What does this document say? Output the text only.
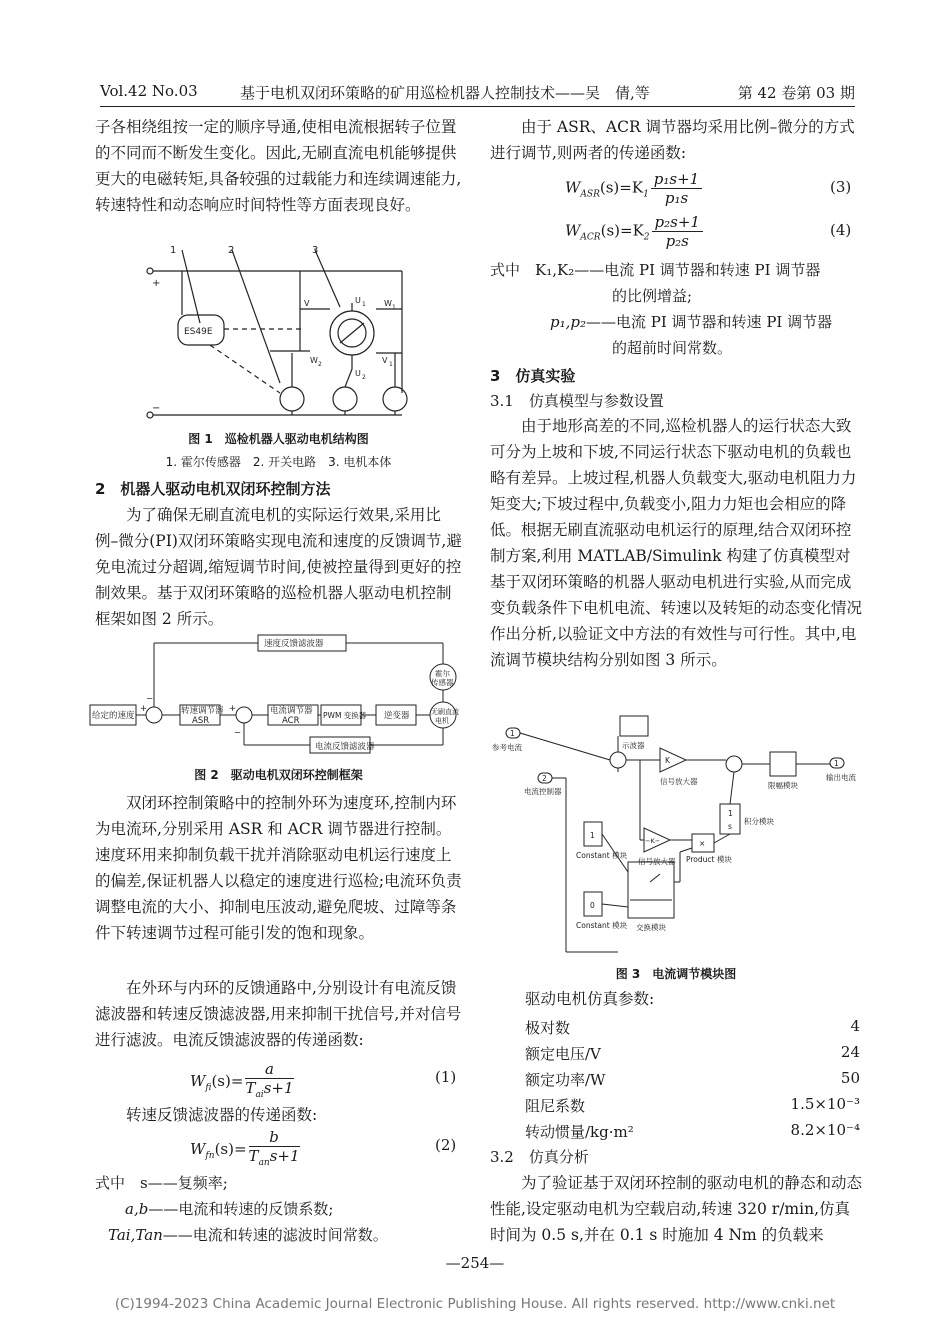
Vol.42 No.03	基于电机双闭环策略的矿用巡检机器人控制技术——吴　倩,等	第 42 卷第 03 期

子各相绕组按一定的顺序导通,使相电流根据转子位置的不同而不断发生变化。因此,无刷直流电机能够提供更大的电磁转矩,具备较强的过载能力和连续调速能力,转速特性和动态响应时间特性等方面表现良好。

1	2	3
ES49E
+
−
V	U 1 W 1
W 2
U 2
V 1
图 1　巡检机器人驱动电机结构图
1. 霍尔传感器　2. 开关电路　3. 电机本体
2　机器人驱动电机双闭环控制方法

为了确保无刷直流电机的实际运行效果,采用比例–微分(PI)双闭环策略实现电流和速度的反馈调节,避免电流过分超调,缩短调节时间,使被控量得到更好的控制效果。基于双闭环策略的巡检机器人驱动电机控制框架如图 2 所示。

速度反馈滤波器
给定的速度	转速调节器
ASR
电流调节器
ACR
PWM 变换器 逆变器	无刷直流
电机
霍尔
传感器
电流反馈滤波器
+
−
+
−
图 2　驱动电机双闭环控制框架

双闭环控制策略中的控制外环为速度环,控制内环为电流环,分别采用 ASR 和 ACR 调节器进行控制。速度环用来抑制负载干扰并消除驱动电机运行速度上的偏差,保证机器人以稳定的速度进行巡检;电流环负责调整电流的大小、抑制电压波动,避免爬坡、过障等条件下转速调节过程可能引发的饱和现象。

在外环与内环的反馈通路中,分别设计有电流反馈滤波器和转速反馈滤波器,用来抑制干扰信号,并对信号进行滤波。电流反馈滤波器的传递函数:

$W_{fi}(s)= \frac{a}{T_{ai}s+1}$	(1)
转速反馈滤波器的传递函数:
$W_{fn}(s)= \frac{b}{T_{an}s+1}$	(2)
式中　s——复频率;
a,b——电流和转速的反馈系数;
Tai,Tan——电流和转速的滤波时间常数。

由于 ASR、ACR 调节器均采用比例–微分的方式进行调节,则两者的传递函数:

$W_{ASR}(s)=K_1 \frac{\text{p₁s+1}}{\text{p₁s}}$	(3)
$W_{ACR}(s)=K_2 \frac{\text{p₂s+1}}{\text{p₂s}}$	(4)
式中　K₁,K₂——电流 PI 调节器和转速 PI 调节器
的比例增益;
p₁,p₂——电流 PI 调节器和转速 PI 调节器
的超前时间常数。
3　仿真实验
3.1　仿真模型与参数设置

由于地形高差的不同,巡检机器人的运行状态大致可分为上坡和下坡,不同运行状态下驱动电机的负载也略有差异。上坡过程,机器人负载变大,驱动电机阻力力矩变大;下坡过程中,负载变小,阻力力矩也会相应的降低。根据无刷直流驱动电机运行的原理,结合双闭环控制方案,利用 MATLAB/Simulink 构建了仿真模型对基于双闭环策略的机器人驱动电机进行实验,从而完成变负载条件下电机电流、转速以及转矩的动态变化情况作出分析,以验证文中方法的有效性与可行性。其中,电流调节模块结构分别如图 3 所示。

1
参考电流
2
电流控制器
示波器
K
信号放大器
−K−
信号放大器
1
s
积分模块
×
Product 模块
限幅模块
1
输出电流
1
Constant 模块
0
Constant 模块 交换模块
图 3　电流调节模块图
驱动电机仿真参数:
极对数	4
额定电压/V	24
额定功率/W	50
阻尼系数	1.5×10⁻³
转动惯量/kg·m²	8.2×10⁻⁴
3.2　仿真分析

为了验证基于双闭环控制的驱动电机的静态和动态性能,设定驱动电机为空载启动,转速 320 r/min,仿真时间为 0.5 s,并在 0.1 s 时施加 4 Nm 的负载来

—254—
(C)1994-2023 China Academic Journal Electronic Publishing House. All rights reserved. http://www.cnki.net
